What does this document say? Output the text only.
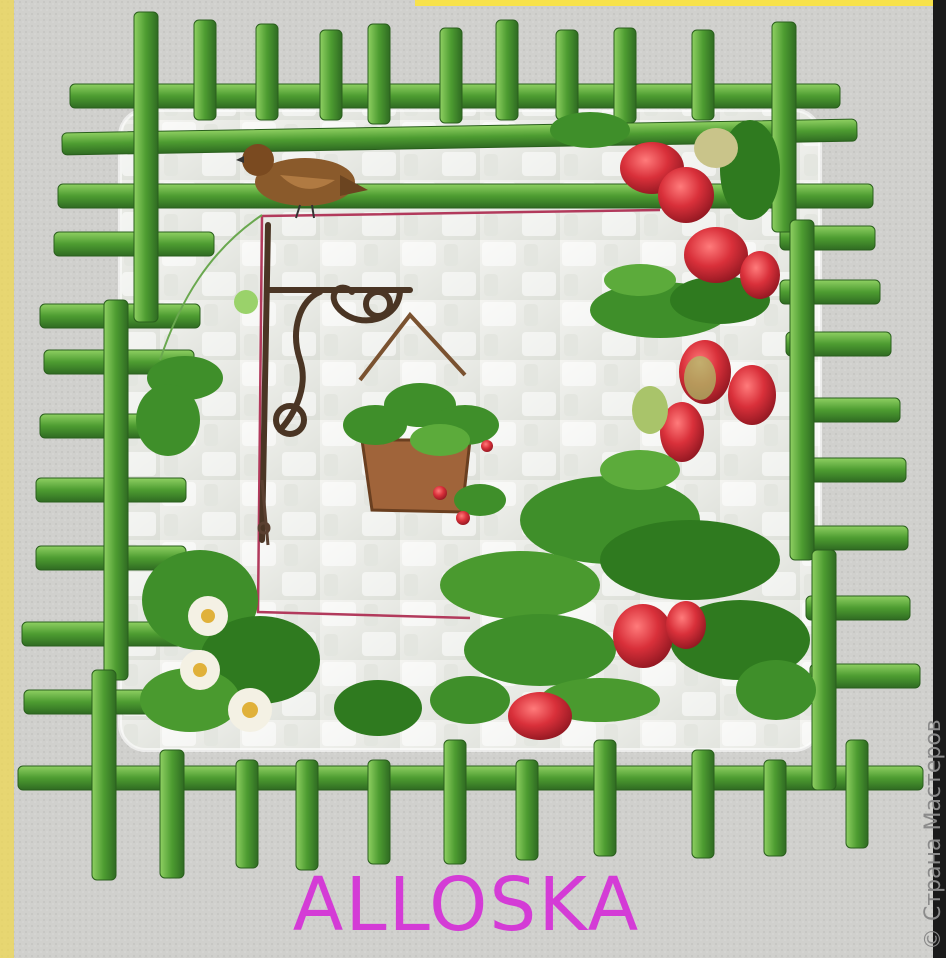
ALLOSKA	© Страна Мастеров
